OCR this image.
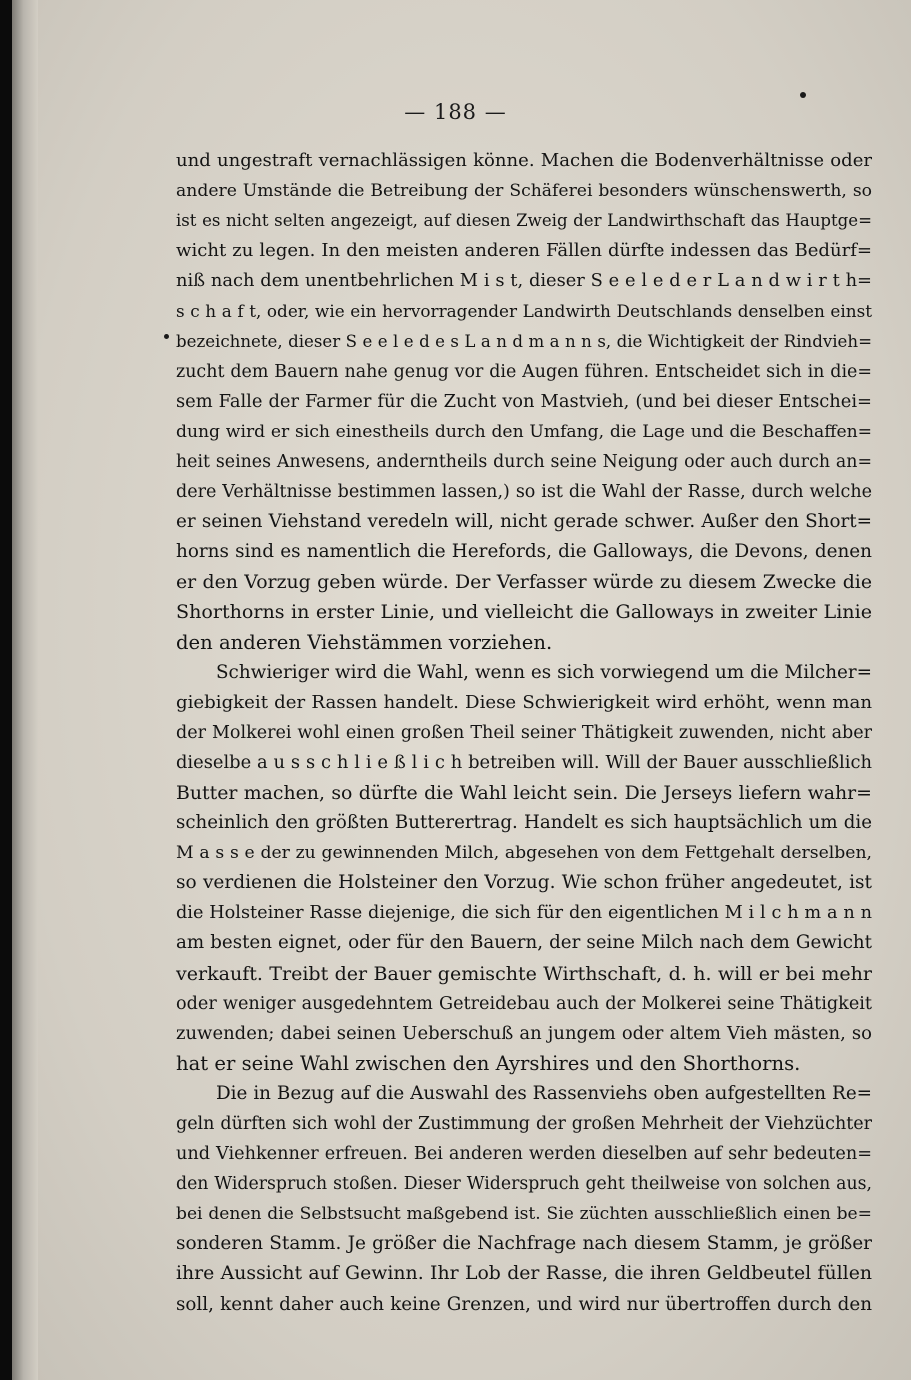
— 188 —
und ungestraft vernachlässigen könne. Machen die Bodenverhältnisse oder
andere Umstände die Betreibung der Schäferei besonders wünschenswerth, so
ist es nicht selten angezeigt, auf diesen Zweig der Landwirthschaft das Hauptge=
wicht zu legen. In den meisten anderen Fällen dürfte indessen das Bedürf=
niß nach dem unentbehrlichen M i s t, dieser S e e l e d e r L a n d w i r t h=
s c h a f t, oder, wie ein hervorragender Landwirth Deutschlands denselben einst
bezeichnete, dieser S e e l e d e s L a n d m a n n s, die Wichtigkeit der Rindvieh=
zucht dem Bauern nahe genug vor die Augen führen. Entscheidet sich in die=
sem Falle der Farmer für die Zucht von Mastvieh, (und bei dieser Entschei=
dung wird er sich einestheils durch den Umfang, die Lage und die Beschaffen=
heit seines Anwesens, anderntheils durch seine Neigung oder auch durch an=
dere Verhältnisse bestimmen lassen,) so ist die Wahl der Rasse, durch welche
er seinen Viehstand veredeln will, nicht gerade schwer. Außer den Short=
horns sind es namentlich die Herefords, die Galloways, die Devons, denen
er den Vorzug geben würde. Der Verfasser würde zu diesem Zwecke die
Shorthorns in erster Linie, und vielleicht die Galloways in zweiter Linie
den anderen Viehstämmen vorziehen.
Schwieriger wird die Wahl, wenn es sich vorwiegend um die Milcher=
giebigkeit der Rassen handelt. Diese Schwierigkeit wird erhöht, wenn man
der Molkerei wohl einen großen Theil seiner Thätigkeit zuwenden, nicht aber
dieselbe a u s s c h l i e ß l i c h betreiben will. Will der Bauer ausschließlich
Butter machen, so dürfte die Wahl leicht sein. Die Jerseys liefern wahr=
scheinlich den größten Butterertrag. Handelt es sich hauptsächlich um die
M a s s e der zu gewinnenden Milch, abgesehen von dem Fettgehalt derselben,
so verdienen die Holsteiner den Vorzug. Wie schon früher angedeutet, ist
die Holsteiner Rasse diejenige, die sich für den eigentlichen M i l c h m a n n
am besten eignet, oder für den Bauern, der seine Milch nach dem Gewicht
verkauft. Treibt der Bauer gemischte Wirthschaft, d. h. will er bei mehr
oder weniger ausgedehntem Getreidebau auch der Molkerei seine Thätigkeit
zuwenden; dabei seinen Ueberschuß an jungem oder altem Vieh mästen, so
hat er seine Wahl zwischen den Ayrshires und den Shorthorns.
Die in Bezug auf die Auswahl des Rassenviehs oben aufgestellten Re=
geln dürften sich wohl der Zustimmung der großen Mehrheit der Viehzüchter
und Viehkenner erfreuen. Bei anderen werden dieselben auf sehr bedeuten=
den Widerspruch stoßen. Dieser Widerspruch geht theilweise von solchen aus,
bei denen die Selbstsucht maßgebend ist. Sie züchten ausschließlich einen be=
sonderen Stamm. Je größer die Nachfrage nach diesem Stamm, je größer
ihre Aussicht auf Gewinn. Ihr Lob der Rasse, die ihren Geldbeutel füllen
soll, kennt daher auch keine Grenzen, und wird nur übertroffen durch den
